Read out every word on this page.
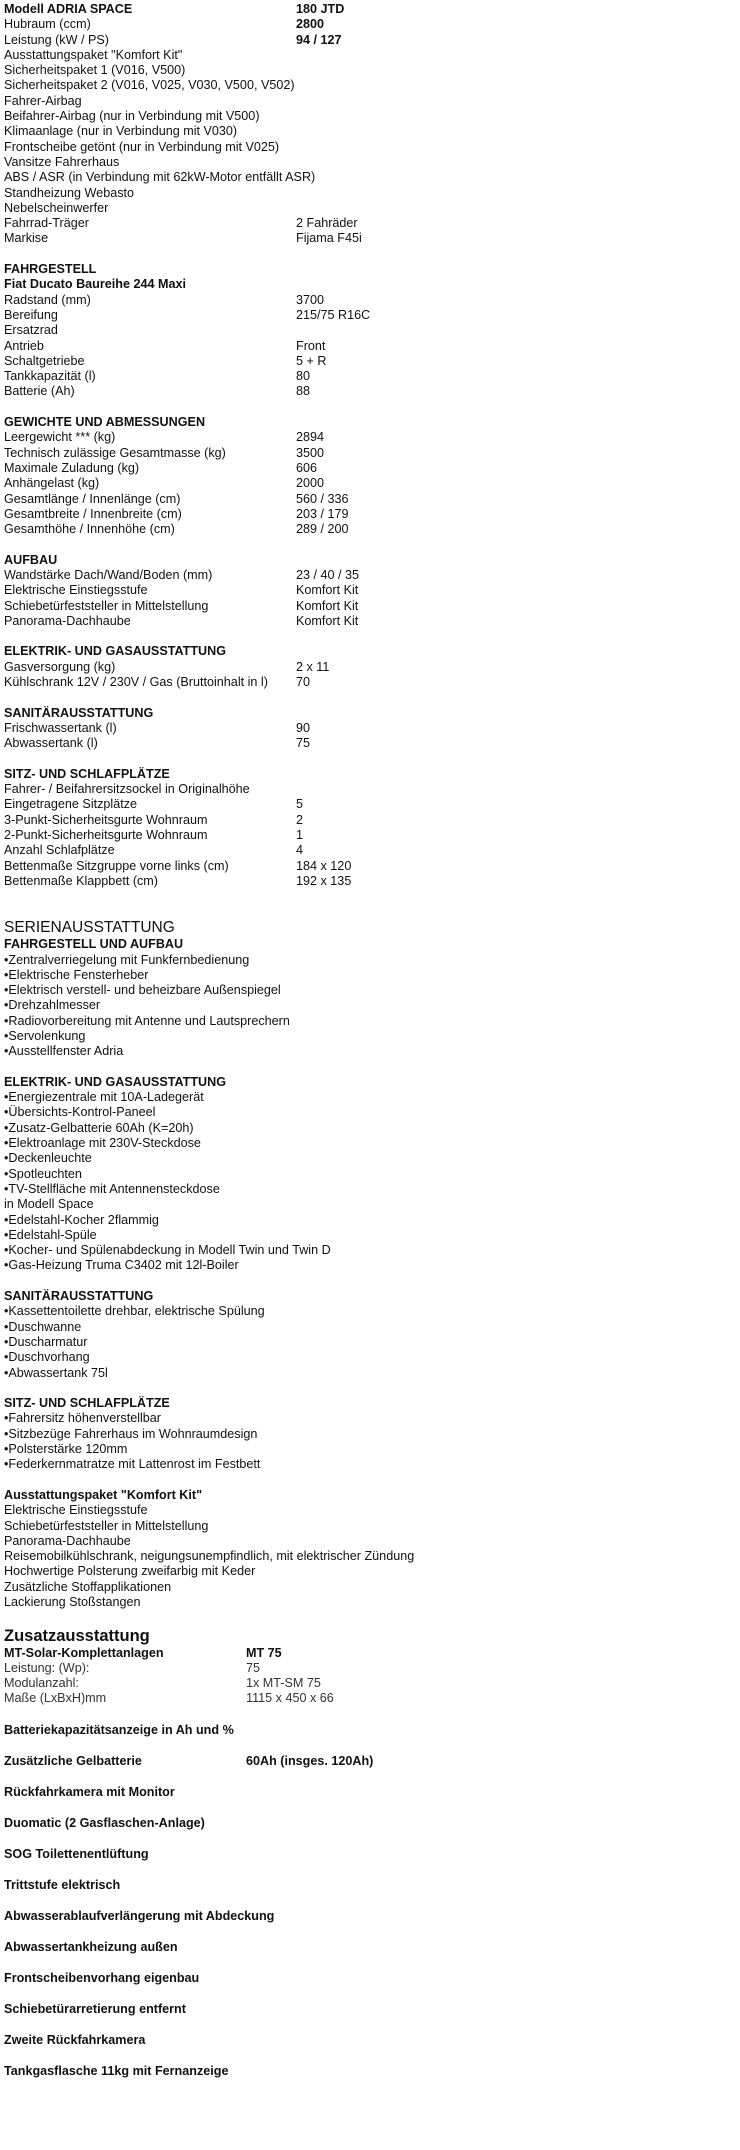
Modell ADRIA SPACE	180 JTD
Hubraum (ccm)	2800
Leistung (kW / PS)	94 / 127
Ausstattungspaket "Komfort Kit"
Sicherheitspaket 1 (V016, V500)
Sicherheitspaket 2 (V016, V025, V030, V500, V502)
Fahrer-Airbag
Beifahrer-Airbag (nur in Verbindung mit V500)
Klimaanlage (nur in Verbindung mit V030)
Frontscheibe getönt (nur in Verbindung mit V025)
Vansitze Fahrerhaus
ABS / ASR (in Verbindung mit 62kW-Motor entfällt ASR)
Standheizung Webasto
Nebelscheinwerfer
Fahrrad-Träger	2 Fahräder
Markise	Fijama F45i
FAHRGESTELL
Fiat Ducato Baureihe 244 Maxi
Radstand (mm)	3700
Bereifung	215/75 R16C
Ersatzrad
Antrieb	Front
Schaltgetriebe	5 + R
Tankkapazität (l)	80
Batterie (Ah)	88
GEWICHTE UND ABMESSUNGEN
Leergewicht *** (kg)	2894
Technisch zulässige Gesamtmasse (kg)	3500
Maximale Zuladung (kg)	606
Anhängelast (kg)	2000
Gesamtlänge / Innenlänge (cm)	560 / 336
Gesamtbreite / Innenbreite (cm)	203 / 179
Gesamthöhe / Innenhöhe (cm)	289 / 200
AUFBAU
Wandstärke Dach/Wand/Boden (mm)	23 / 40 / 35
Elektrische Einstiegsstufe	Komfort Kit
Schiebetürfeststeller in Mittelstellung	Komfort Kit
Panorama-Dachhaube	Komfort Kit
ELEKTRIK- UND GASAUSSTATTUNG
Gasversorgung (kg)	2 x 11
Kühlschrank 12V / 230V / Gas (Bruttoinhalt in l) 70
SANITÄRAUSSTATTUNG
Frischwassertank (l)	90
Abwassertank (l)	75
SITZ- UND SCHLAFPLÄTZE
Fahrer- / Beifahrersitzsockel in Originalhöhe
Eingetragene Sitzplätze	5
3-Punkt-Sicherheitsgurte Wohnraum	2
2-Punkt-Sicherheitsgurte Wohnraum	1
Anzahl Schlafplätze	4
Bettenmaße Sitzgruppe vorne links (cm)	184 x 120
Bettenmaße Klappbett (cm)	192 x 135
SERIENAUSSTATTUNG
FAHRGESTELL UND AUFBAU
•Zentralverriegelung mit Funkfernbedienung
•Elektrische Fensterheber
•Elektrisch verstell- und beheizbare Außenspiegel
•Drehzahlmesser
•Radiovorbereitung mit Antenne und Lautsprechern
•Servolenkung
•Ausstellfenster Adria
ELEKTRIK- UND GASAUSSTATTUNG
•Energiezentrale mit 10A-Ladegerät
•Übersichts-Kontrol-Paneel
•Zusatz-Gelbatterie 60Ah (K=20h)
•Elektroanlage mit 230V-Steckdose
•Deckenleuchte
•Spotleuchten
•TV-Stellfläche mit Antennensteckdose
in Modell Space
•Edelstahl-Kocher 2flammig
•Edelstahl-Spüle
•Kocher- und Spülenabdeckung in Modell Twin und Twin D
•Gas-Heizung Truma C3402 mit 12l-Boiler
SANITÄRAUSSTATTUNG
•Kassettentoilette drehbar, elektrische Spülung
•Duschwanne
•Duscharmatur
•Duschvorhang
•Abwassertank 75l
SITZ- UND SCHLAFPLÄTZE
•Fahrersitz höhenverstellbar
•Sitzbezüge Fahrerhaus im Wohnraumdesign
•Polsterstärke 120mm
•Federkernmatratze mit Lattenrost im Festbett
Ausstattungspaket "Komfort Kit"
Elektrische Einstiegsstufe
Schiebetürfeststeller in Mittelstellung
Panorama-Dachhaube
Reisemobilkühlschrank, neigungsunempfindlich, mit elektrischer Zündung
Hochwertige Polsterung zweifarbig mit Keder
Zusätzliche Stoffapplikationen
Lackierung Stoßstangen
Zusatzausstattung
MT-Solar-Komplettanlagen	MT 75
Leistung: (Wp):	75
Modulanzahl:	1x MT-SM 75
Maße (LxBxH)mm	1115 x 450 x 66
Batteriekapazitätsanzeige in Ah und %
Zusätzliche Gelbatterie	60Ah (insges. 120Ah)
Rückfahrkamera mit Monitor
Duomatic (2 Gasflaschen-Anlage)
SOG Toilettenentlüftung
Trittstufe elektrisch
Abwasserablaufverlängerung mit Abdeckung
Abwassertankheizung außen
Frontscheibenvorhang eigenbau
Schiebetürarretierung entfernt
Zweite Rückfahrkamera
Tankgasflasche 11kg mit Fernanzeige
